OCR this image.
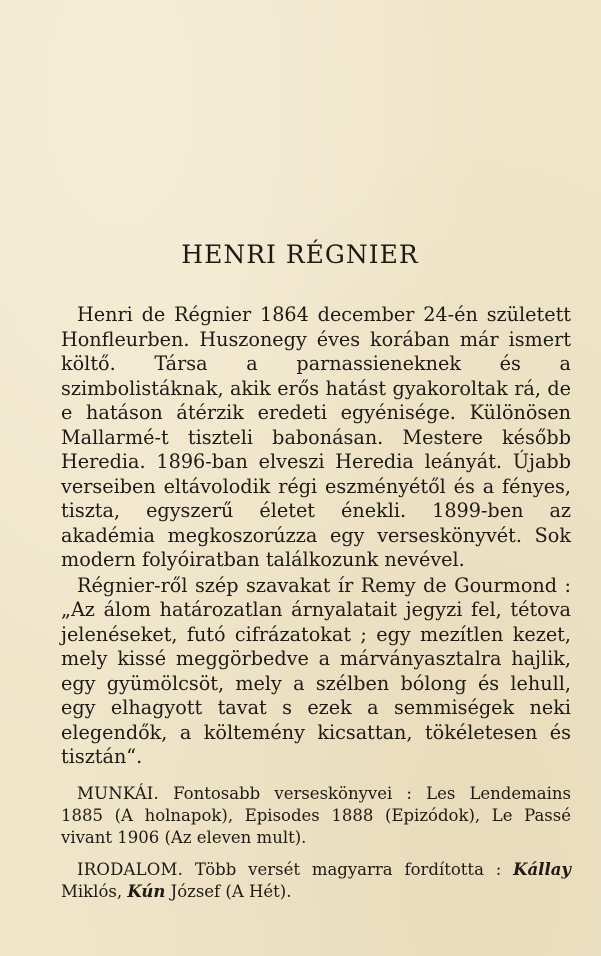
HENRI RÉGNIER

Henri de Régnier 1864 december 24-én született Honfleurben. Huszonegy éves korában már ismert költő. Társa a parnassieneknek és a szimbolistáknak, akik erős hatást gyakoroltak rá, de e hatáson átérzik eredeti egyénisége. Különösen Mallarmé-t tiszteli babonásan. Mestere később Heredia. 1896-ban elveszi Heredia leányát. Újabb verseiben eltávolodik régi eszményétől és a fényes, tiszta, egyszerű életet énekli. 1899-ben az akadémia megkoszorúzza egy verseskönyvét. Sok modern folyóiratban találkozunk nevével.

Régnier-ről szép szavakat ír Remy de Gourmond : „Az álom határozatlan árnyalatait jegyzi fel, tétova jelenéseket, futó cifrázatokat ; egy mezítlen kezet, mely kissé meggörbedve a márványasztalra hajlik, egy gyümölcsöt, mely a szélben bólong és lehull, egy elhagyott tavat s ezek a semmiségek neki elegendők, a költemény kicsattan, tökéletesen és tisztán“.

MUNKÁI. Fontosabb verseskönyvei : Les Lendemains 1885 (A holnapok), Episodes 1888 (Epizódok), Le Passé vivant 1906 (Az eleven mult).

IRODALOM. Több versét magyarra fordította : Kállay Miklós, Kún József (A Hét).
